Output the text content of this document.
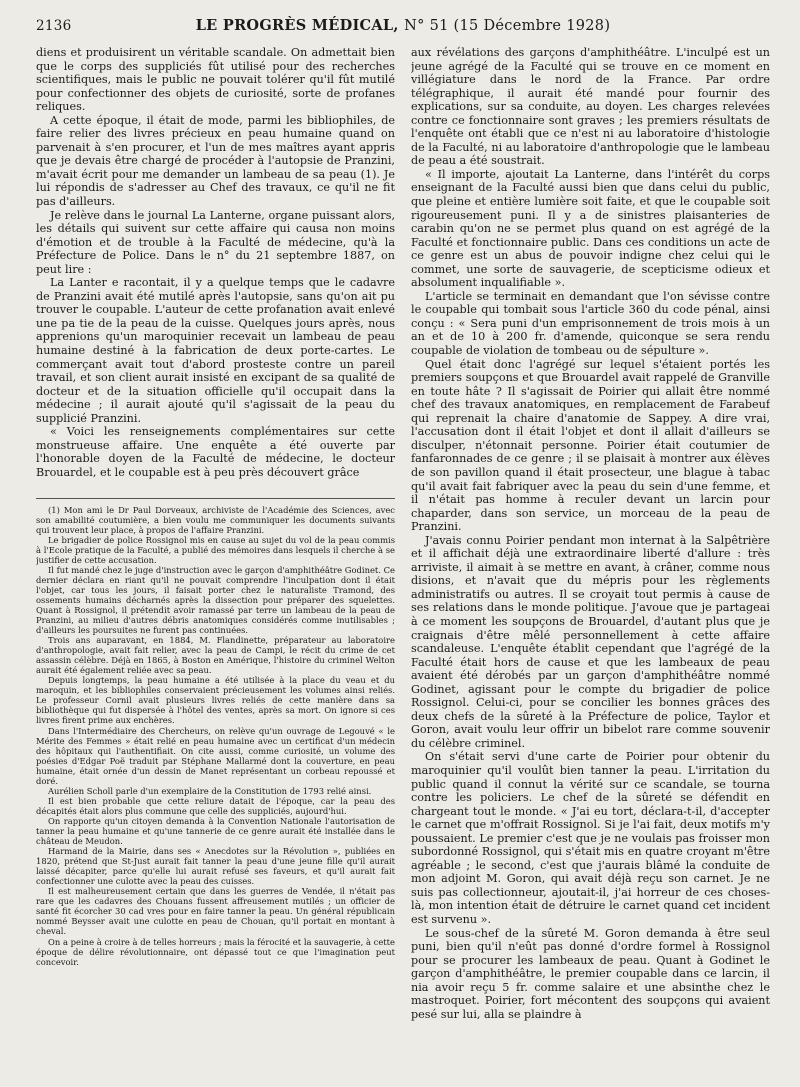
2136	LE PROGRÈS MÉDICAL, N° 51 (15 Décembre 1928)

diens et produisirent un véritable scandale. On admettait bien que le corps des suppliciés fût utilisé pour des recherches scientifiques, mais le public ne pouvait tolérer qu'il fût mutilé pour confectionner des objets de curiosité, sorte de profanes reliques.

A cette époque, il était de mode, parmi les bibliophiles, de faire relier des livres précieux en peau humaine quand on parvenait à s'en procurer, et l'un de mes maîtres ayant appris que je devais être chargé de procéder à l'autopsie de Pranzini, m'avait écrit pour me demander un lambeau de sa peau (1). Je lui répondis de s'adresser au Chef des travaux, ce qu'il ne fit pas d'ailleurs.

Je relève dans le journal La Lanterne, organe puissant alors, les détails qui suivent sur cette affaire qui causa non moins d'émotion et de trouble à la Faculté de médecine, qu'à la Préfecture de Police. Dans le n° du 21 septembre 1887, on peut lire :

La Lanter e racontait, il y a quelque temps que le cadavre de Pranzini avait été mutilé après l'autopsie, sans qu'on ait pu trouver le coupable. L'auteur de cette profanation avait enlevé une pa tie de la peau de la cuisse. Quelques jours après, nous apprenions qu'un maroquinier recevait un lambeau de peau humaine destiné à la fabrication de deux porte-cartes. Le commerçant avait tout d'abord prosteste contre un pareil travail, et son client aurait insisté en excipant de sa qualité de docteur et de la situation officielle qu'il occupait dans la médecine ; il aurait ajouté qu'il s'agissait de la peau du supplicié Pranzini.

« Voici les renseignements complémentaires sur cette monstrueuse affaire. Une enquête a été ouverte par l'honorable doyen de la Faculté de médecine, le docteur Brouardel, et le coupable est à peu près découvert grâce

(1) Mon ami le Dr Paul Dorveaux, archiviste de l'Académie des Sciences, avec son amabilité coutumière, a bien voulu me communiquer les documents suivants qui trouvent leur place, à propos de l'affaire Pranzini.

Le brigadier de police Rossignol mis en cause au sujet du vol de la peau commis à l'Ecole pratique de la Faculté, a publié des mémoires dans lesquels il cherche à se justifier de cette accusation.

Il fut mandé chez le juge d'instruction avec le garçon d'amphithéâtre Godinet. Ce dernier déclara en riant qu'il ne pouvait comprendre l'inculpation dont il était l'objet, car tous les jours, il faisait porter chez le naturaliste Tramond, des ossements humains décharnés après la dissection pour préparer des squelettes. Quant à Rossignol, il prétendit avoir ramassé par terre un lambeau de la peau de Pranzini, au milieu d'autres débris anatomiques considérés comme inutilisables ; d'ailleurs les poursuites ne furent pas continuées.

Trois ans auparavant, en 1884, M. Flandinette, préparateur au laboratoire d'anthropologie, avait fait relier, avec la peau de Campi, le récit du crime de cet assassin célèbre. Déjà en 1865, à Boston en Amérique, l'histoire du criminel Welton aurait été également reliée avec sa peau.

Depuis longtemps, la peau humaine a été utilisée à la place du veau et du maroquin, et les bibliophiles conservaient précieusement les volumes ainsi reliés. Le professeur Cornil avait plusieurs livres reliés de cette manière dans sa bibliothèque qui fut dispersée à l'hôtel des ventes, après sa mort. On ignore si ces livres firent prime aux enchères.

Dans l'Intermédiaire des Chercheurs, on relève qu'un ouvrage de Legouvé « le Mérite des Femmes » était relié en peau humaine avec un certificat d'un médecin des hôpitaux qui l'authentifiait. On cite aussi, comme curiosité, un volume des poésies d'Edgar Poë traduit par Stéphane Mallarmé dont la couverture, en peau humaine, était ornée d'un dessin de Manet représentant un corbeau repoussé et doré.

Aurélien Scholl parle d'un exemplaire de la Constitution de 1793 relié ainsi.

Il est bien probable que cette reliure datait de l'époque, car la peau des décapités était alors plus commune que celle des suppliciés, aujourd'hui.

On rapporte qu'un citoyen demanda à la Convention Nationale l'autorisation de tanner la peau humaine et qu'une tannerie de ce genre aurait été installée dans le château de Meudon.

Harmand de la Mairie, dans ses « Anecdotes sur la Révolution », publiées en 1820, prétend que St-Just aurait fait tanner la peau d'une jeune fille qu'il aurait laissé décapiter, parce qu'elle lui aurait refusé ses faveurs, et qu'il aurait fait confectionner une culotte avec la peau des cuisses.

Il est malheureusement certain que dans les guerres de Vendée, il n'était pas rare que les cadavres des Chouans fussent affreusement mutilés ; un officier de santé fit écorcher 30 cad vres pour en faire tanner la peau. Un général républicain nommé Beysser avait une culotte en peau de Chouan, qu'il portait en montant à cheval.

On a peine à croire à de telles horreurs ; mais la férocité et la sauvagerie, à cette époque de délire révolutionnaire, ont dépassé tout ce que l'imagination peut concevoir.

aux révélations des garçons d'amphithéâtre. L'inculpé est un jeune agrégé de la Faculté qui se trouve en ce moment en villégiature dans le nord de la France. Par ordre télégraphique, il aurait été mandé pour fournir des explications, sur sa conduite, au doyen. Les charges relevées contre ce fonctionnaire sont graves ; les premiers résultats de l'enquête ont établi que ce n'est ni au laboratoire d'histologie de la Faculté, ni au laboratoire d'anthropologie que le lambeau de peau a été soustrait.

« Il importe, ajoutait La Lanterne, dans l'intérêt du corps enseignant de la Faculté aussi bien que dans celui du public, que pleine et entière lumière soit faite, et que le coupable soit rigoureusement puni. Il y a de sinistres plaisanteries de carabin qu'on ne se permet plus quand on est agrégé de la Faculté et fonctionnaire public. Dans ces conditions un acte de ce genre est un abus de pouvoir indigne chez celui qui le commet, une sorte de sauvagerie, de scepticisme odieux et absolument inqualifiable ».

L'article se terminait en demandant que l'on sévisse contre le coupable qui tombait sous l'article 360 du code pénal, ainsi conçu : « Sera puni d'un emprisonnement de trois mois à un an et de 10 à 200 fr. d'amende, quiconque se sera rendu coupable de violation de tombeau ou de sépulture ».

Quel était donc l'agrégé sur lequel s'étaient portés les premiers soupçons et que Brouardel avait rappelé de Granville en toute hâte ? Il s'agissait de Poirier qui allait être nommé chef des travaux anatomiques, en remplacement de Farabeuf qui reprenait la chaire d'anatomie de Sappey. A dire vrai, l'accusation dont il était l'objet et dont il allait d'ailleurs se disculper, n'étonnait personne. Poirier était coutumier de fanfaronnades de ce genre ; il se plaisait à montrer aux élèves de son pavillon quand il était prosecteur, une blague à tabac qu'il avait fait fabriquer avec la peau du sein d'une femme, et il n'était pas homme à reculer devant un larcin pour chaparder, dans son service, un morceau de la peau de Pranzini.

J'avais connu Poirier pendant mon internat à la Salpêtrière et il affichait déjà une extraordinaire liberté d'allure : très arriviste, il aimait à se mettre en avant, à crâner, comme nous disions, et n'avait que du mépris pour les règlements administratifs ou autres. Il se croyait tout permis à cause de ses relations dans le monde politique. J'avoue que je partageai à ce moment les soupçons de Brouardel, d'autant plus que je craignais d'être mêlé personnellement à cette affaire scandaleuse. L'enquête établit cependant que l'agrégé de la Faculté était hors de cause et que les lambeaux de peau avaient été dérobés par un garçon d'amphithéâtre nommé Godinet, agissant pour le compte du brigadier de police Rossignol. Celui-ci, pour se concilier les bonnes grâces des deux chefs de la sûreté à la Préfecture de police, Taylor et Goron, avait voulu leur offrir un bibelot rare comme souvenir du célèbre criminel.

On s'était servi d'une carte de Poirier pour obtenir du maroquinier qu'il voulût bien tanner la peau. L'irritation du public quand il connut la vérité sur ce scandale, se tourna contre les policiers. Le chef de la sûreté se défendit en chargeant tout le monde. « J'ai eu tort, déclara-t-il, d'accepter le carnet que m'offrait Rossignol. Si je l'ai fait, deux motifs m'y poussaient. Le premier c'est que je ne voulais pas froisser mon subordonné Rossignol, qui s'était mis en quatre croyant m'être agréable ; le second, c'est que j'aurais blâmé la conduite de mon adjoint M. Goron, qui avait déjà reçu son carnet. Je ne suis pas collectionneur, ajoutait-il, j'ai horreur de ces choses-là, mon intention était de détruire le carnet quand cet incident est survenu ».

Le sous-chef de la sûreté M. Goron demanda à être seul puni, bien qu'il n'eût pas donné d'ordre formel à Rossignol pour se procurer les lambeaux de peau. Quant à Godinet le garçon d'amphithéâtre, le premier coupable dans ce larcin, il nia avoir reçu 5 fr. comme salaire et une absinthe chez le mastroquet. Poirier, fort mécontent des soupçons qui avaient pesé sur lui, alla se plaindre à
